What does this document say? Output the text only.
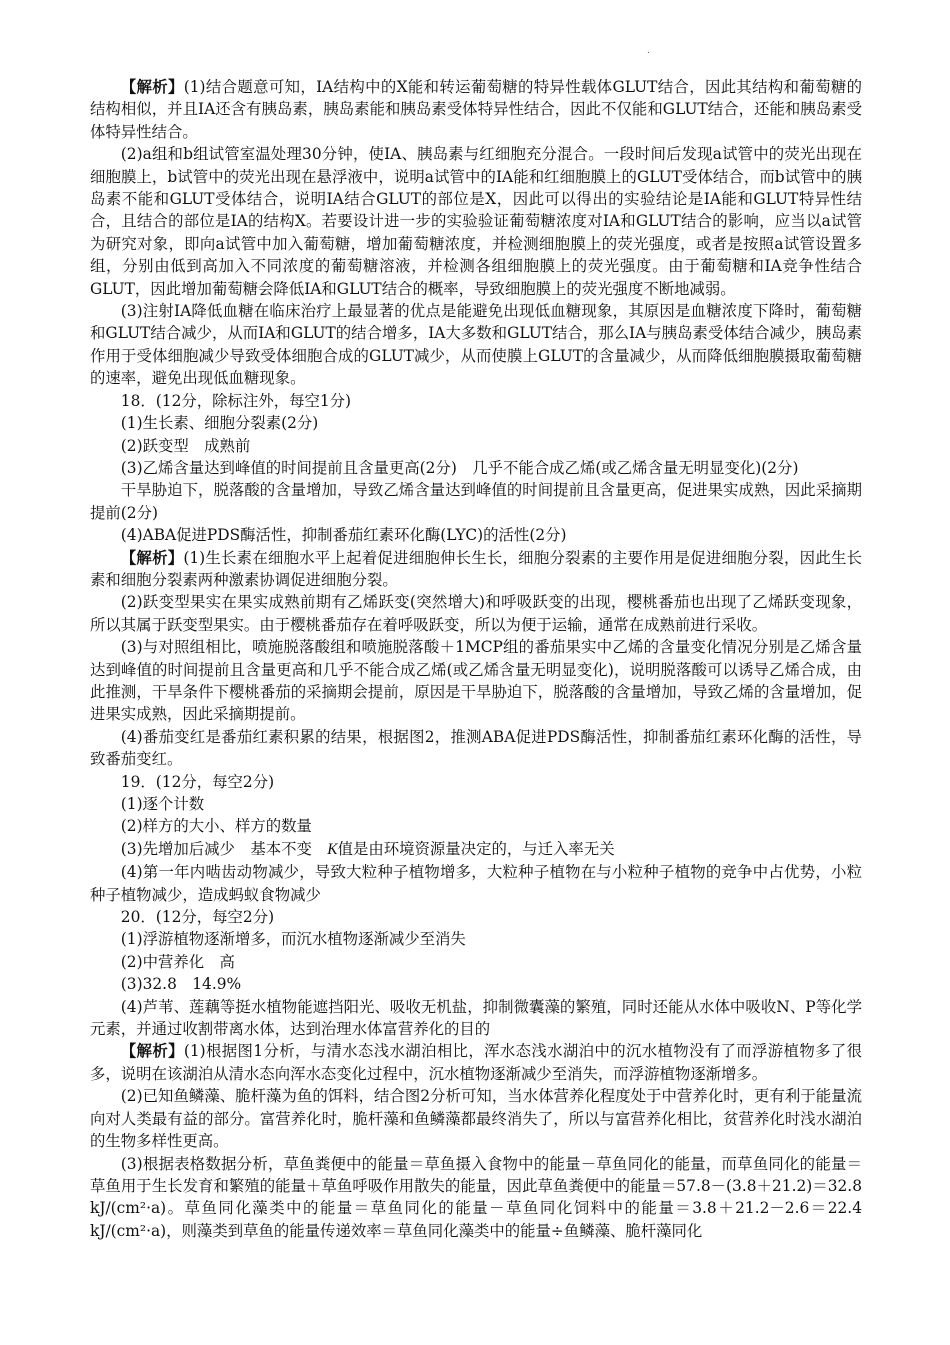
.

【解析】(1)结合题意可知，IA结构中的X能和转运葡萄糖的特异性载体GLUT结合，因此其结构和葡萄糖的结构相似，并且IA还含有胰岛素，胰岛素能和胰岛素受体特异性结合，因此不仅能和GLUT结合，还能和胰岛素受体特异性结合。

(2)a组和b组试管室温处理30分钟，使IA、胰岛素与红细胞充分混合。一段时间后发现a试管中的荧光出现在细胞膜上，b试管中的荧光出现在悬浮液中，说明a试管中的IA能和红细胞膜上的GLUT受体结合，而b试管中的胰岛素不能和GLUT受体结合，说明IA结合GLUT的部位是X，因此可以得出的实验结论是IA能和GLUT特异性结合，且结合的部位是IA的结构X。若要设计进一步的实验验证葡萄糖浓度对IA和GLUT结合的影响，应当以a试管为研究对象，即向a试管中加入葡萄糖，增加葡萄糖浓度，并检测细胞膜上的荧光强度，或者是按照a试管设置多组，分别由低到高加入不同浓度的葡萄糖溶液，并检测各组细胞膜上的荧光强度。由于葡萄糖和IA竞争性结合GLUT，因此增加葡萄糖会降低IA和GLUT结合的概率，导致细胞膜上的荧光强度不断地减弱。

(3)注射IA降低血糖在临床治疗上最显著的优点是能避免出现低血糖现象，其原因是血糖浓度下降时，葡萄糖和GLUT结合减少，从而IA和GLUT的结合增多，IA大多数和GLUT结合，那么IA与胰岛素受体结合减少，胰岛素作用于受体细胞减少导致受体细胞合成的GLUT减少，从而使膜上GLUT的含量减少，从而降低细胞膜摄取葡萄糖的速率，避免出现低血糖现象。

18．(12分，除标注外，每空1分)

(1)生长素、细胞分裂素(2分)

(2)跃变型　成熟前

(3)乙烯含量达到峰值的时间提前且含量更高(2分)　几乎不能合成乙烯(或乙烯含量无明显变化)(2分)

干旱胁迫下，脱落酸的含量增加，导致乙烯含量达到峰值的时间提前且含量更高，促进果实成熟，因此采摘期提前(2分)

(4)ABA促进PDS酶活性，抑制番茄红素环化酶(LYC)的活性(2分)

【解析】(1)生长素在细胞水平上起着促进细胞伸长生长，细胞分裂素的主要作用是促进细胞分裂，因此生长素和细胞分裂素两种激素协调促进细胞分裂。

(2)跃变型果实在果实成熟前期有乙烯跃变(突然增大)和呼吸跃变的出现，樱桃番茄也出现了乙烯跃变现象，所以其属于跃变型果实。由于樱桃番茄存在着呼吸跃变，所以为便于运输，通常在成熟前进行采收。

(3)与对照组相比，喷施脱落酸组和喷施脱落酸＋1MCP组的番茄果实中乙烯的含量变化情况分别是乙烯含量达到峰值的时间提前且含量更高和几乎不能合成乙烯(或乙烯含量无明显变化)，说明脱落酸可以诱导乙烯合成，由此推测，干旱条件下樱桃番茄的采摘期会提前，原因是干旱胁迫下，脱落酸的含量增加，导致乙烯的含量增加，促进果实成熟，因此采摘期提前。

(4)番茄变红是番茄红素积累的结果，根据图2，推测ABA促进PDS酶活性，抑制番茄红素环化酶的活性，导致番茄变红。

19．(12分，每空2分)

(1)逐个计数

(2)样方的大小、样方的数量

(3)先增加后减少　基本不变　K值是由环境资源量决定的，与迁入率无关

(4)第一年内啮齿动物减少，导致大粒种子植物增多，大粒种子植物在与小粒种子植物的竞争中占优势，小粒种子植物减少，造成蚂蚁食物减少

20．(12分，每空2分)

(1)浮游植物逐渐增多，而沉水植物逐渐减少至消失

(2)中营养化　高

(3)32.8　14.9%

(4)芦苇、莲藕等挺水植物能遮挡阳光、吸收无机盐，抑制微囊藻的繁殖，同时还能从水体中吸收N、P等化学元素，并通过收割带离水体，达到治理水体富营养化的目的

【解析】(1)根据图1分析，与清水态浅水湖泊相比，浑水态浅水湖泊中的沉水植物没有了而浮游植物多了很多，说明在该湖泊从清水态向浑水态变化过程中，沉水植物逐渐减少至消失，而浮游植物逐渐增多。

(2)已知鱼鳞藻、脆杆藻为鱼的饵料，结合图2分析可知，当水体营养化程度处于中营养化时，更有利于能量流向对人类最有益的部分。富营养化时，脆杆藻和鱼鳞藻都最终消失了，所以与富营养化相比，贫营养化时浅水湖泊的生物多样性更高。

(3)根据表格数据分析，草鱼粪便中的能量＝草鱼摄入食物中的能量－草鱼同化的能量，而草鱼同化的能量＝草鱼用于生长发育和繁殖的能量＋草鱼呼吸作用散失的能量，因此草鱼粪便中的能量＝57.8－(3.8＋21.2)＝32.8 kJ/(cm²·a)。草鱼同化藻类中的能量＝草鱼同化的能量－草鱼同化饲料中的能量＝3.8＋21.2－2.6＝22.4 kJ/(cm²·a)，则藻类到草鱼的能量传递效率＝草鱼同化藻类中的能量÷鱼鳞藻、脆杆藻同化
